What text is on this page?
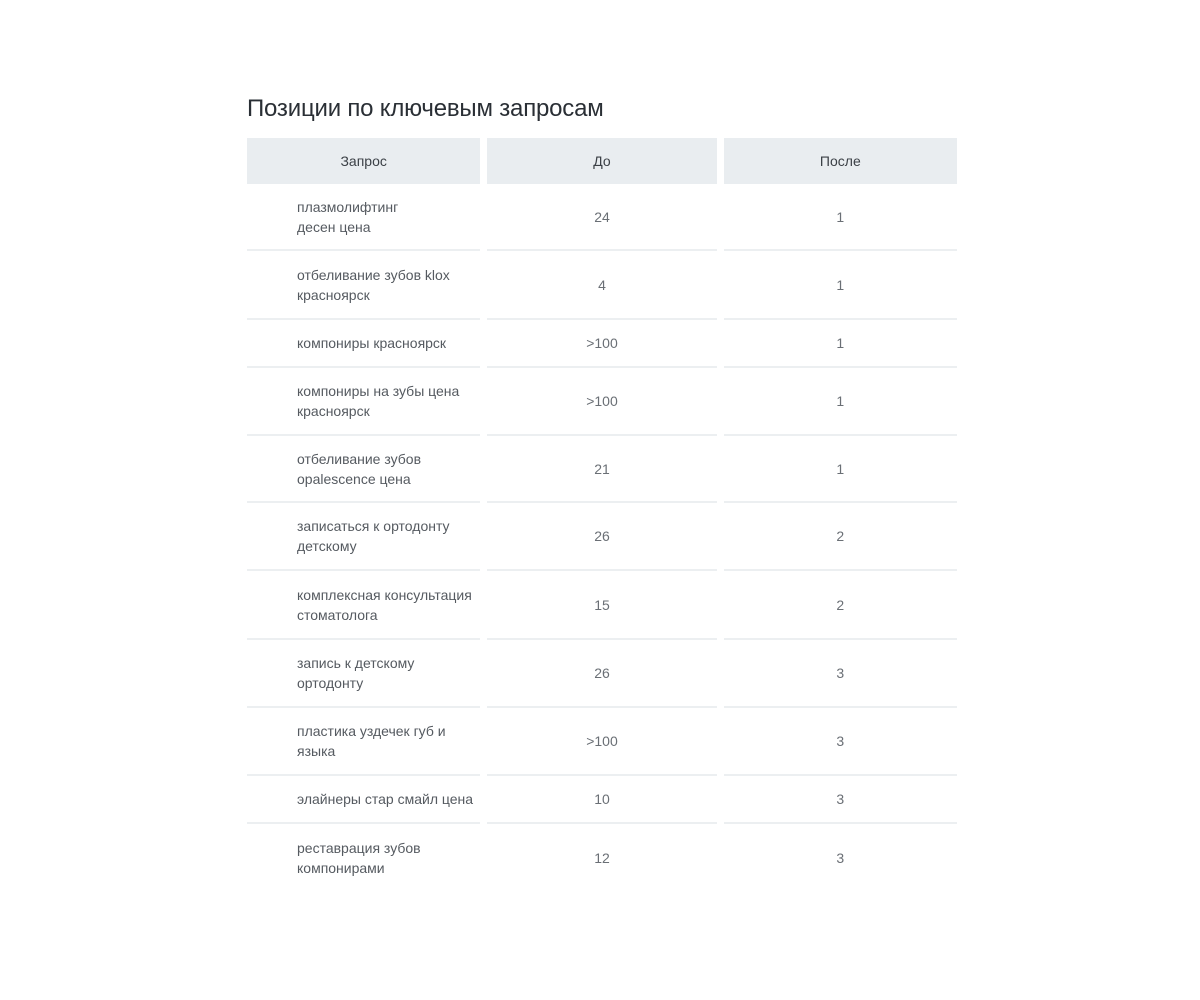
Позиции по ключевым запросам
Запрос	До	После
плазмолифтинг десен цена	24	1
отбеливание зубов klox красноярск	4	1
компониры красноярск	>100	1
компониры на зубы цена красноярск	>100	1
отбеливание зубов opalescence цена	21	1
записаться к ортодонту детскому	26	2
комплексная консультация стоматолога	15	2
запись к детскому ортодонту	26	3
пластика уздечек губ и языка	>100	3
элайнеры стар смайл цена	10	3
реставрация зубов компонирами	12	3
